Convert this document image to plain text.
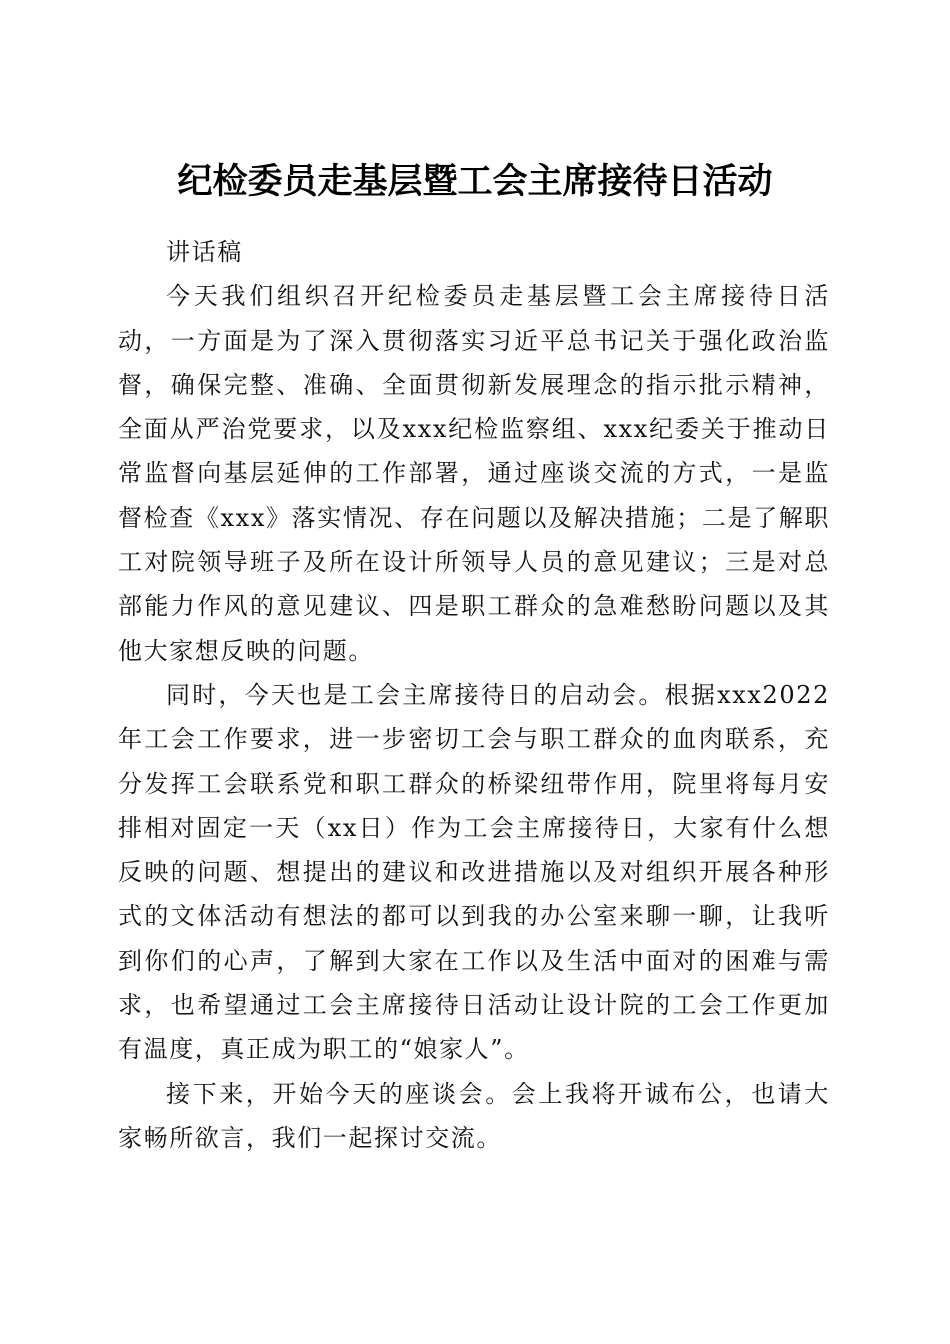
纪检委员走基层暨工会主席接待日活动

讲话稿

今天我们组织召开纪检委员走基层暨工会主席接待日活动，一方面是为了深入贯彻落实习近平总书记关于强化政治监督，确保完整、准确、全面贯彻新发展理念的指示批示精神，全面从严治党要求，以及xxx纪检监察组、xxx纪委关于推动日常监督向基层延伸的工作部署，通过座谈交流的方式，一是监督检查《xxx》落实情况、存在问题以及解决措施；二是了解职工对院领导班子及所在设计所领导人员的意见建议；三是对总部能力作风的意见建议、四是职工群众的急难愁盼问题以及其他大家想反映的问题。

同时，今天也是工会主席接待日的启动会。根据xxx2022年工会工作要求，进一步密切工会与职工群众的血肉联系，充分发挥工会联系党和职工群众的桥梁纽带作用，院里将每月安排相对固定一天（xx日）作为工会主席接待日，大家有什么想反映的问题、想提出的建议和改进措施以及对组织开展各种形式的文体活动有想法的都可以到我的办公室来聊一聊，让我听到你们的心声，了解到大家在工作以及生活中面对的困难与需求，也希望通过工会主席接待日活动让设计院的工会工作更加有温度，真正成为职工的“娘家人”。

接下来，开始今天的座谈会。会上我将开诚布公，也请大家畅所欲言，我们一起探讨交流。
